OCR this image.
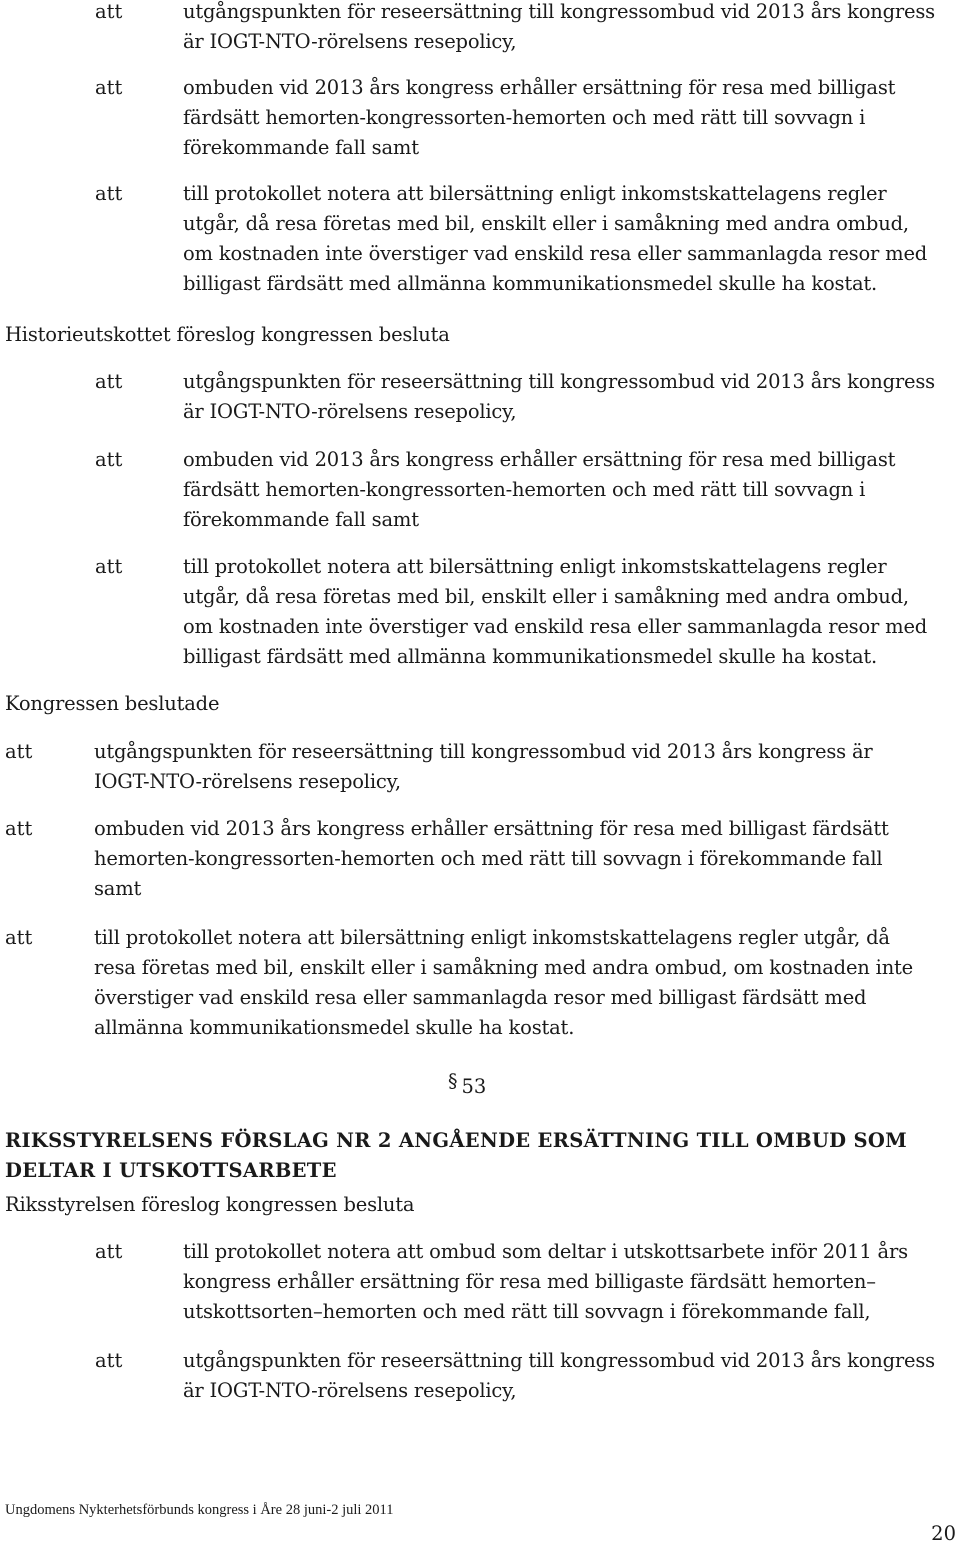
att	utgångspunkten för reseersättning till kongressombud vid 2013 års kongress
är IOGT-NTO-rörelsens resepolicy,
att	ombuden vid 2013 års kongress erhåller ersättning för resa med billigast
färdsätt hemorten-kongressorten-hemorten och med rätt till sovvagn i
förekommande fall samt
att	till protokollet notera att bilersättning enligt inkomstskattelagens regler
utgår, då resa företas med bil, enskilt eller i samåkning med andra ombud,
om kostnaden inte överstiger vad enskild resa eller sammanlagda resor med
billigast färdsätt med allmänna kommunikationsmedel skulle ha kostat.
Historieutskottet föreslog kongressen besluta
att	utgångspunkten för reseersättning till kongressombud vid 2013 års kongress
är IOGT-NTO-rörelsens resepolicy,
att	ombuden vid 2013 års kongress erhåller ersättning för resa med billigast
färdsätt hemorten-kongressorten-hemorten och med rätt till sovvagn i
förekommande fall samt
att	till protokollet notera att bilersättning enligt inkomstskattelagens regler
utgår, då resa företas med bil, enskilt eller i samåkning med andra ombud,
om kostnaden inte överstiger vad enskild resa eller sammanlagda resor med
billigast färdsätt med allmänna kommunikationsmedel skulle ha kostat.
Kongressen beslutade
att	utgångspunkten för reseersättning till kongressombud vid 2013 års kongress är
IOGT-NTO-rörelsens resepolicy,
att	ombuden vid 2013 års kongress erhåller ersättning för resa med billigast färdsätt
hemorten-kongressorten-hemorten och med rätt till sovvagn i förekommande fall
samt
att	till protokollet notera att bilersättning enligt inkomstskattelagens regler utgår, då
resa företas med bil, enskilt eller i samåkning med andra ombud, om kostnaden inte
överstiger vad enskild resa eller sammanlagda resor med billigast färdsätt med
allmänna kommunikationsmedel skulle ha kostat.
§ 53
RIKSSTYRELSENS FÖRSLAG NR 2 ANGÅENDE ERSÄTTNING TILL OMBUD SOM
DELTAR I UTSKOTTSARBETE
Riksstyrelsen föreslog kongressen besluta
att	till protokollet notera att ombud som deltar i utskottsarbete inför 2011 års
kongress erhåller ersättning för resa med billigaste färdsätt hemorten–
utskottsorten–hemorten och med rätt till sovvagn i förekommande fall,
att	utgångspunkten för reseersättning till kongressombud vid 2013 års kongress
är IOGT-NTO-rörelsens resepolicy,
Ungdomens Nykterhetsförbunds kongress i Åre 28 juni-2 juli 2011
20
